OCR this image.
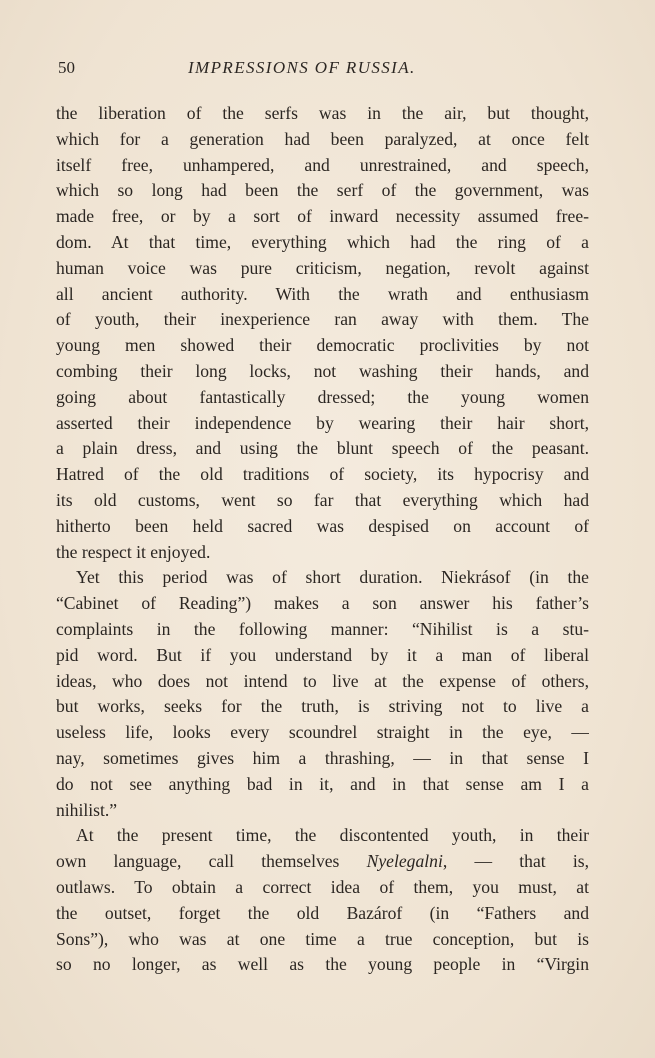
50	IMPRESSIONS OF RUSSIA.
the liberation of the serfs was in the air, but thought,
which for a generation had been paralyzed, at once felt
itself free, unhampered, and unrestrained, and speech,
which so long had been the serf of the government, was
made free, or by a sort of inward necessity assumed free-
dom. At that time, everything which had the ring of a
human voice was pure criticism, negation, revolt against
all ancient authority. With the wrath and enthusiasm
of youth, their inexperience ran away with them. The
young men showed their democratic proclivities by not
combing their long locks, not washing their hands, and
going about fantastically dressed; the young women
asserted their independence by wearing their hair short,
a plain dress, and using the blunt speech of the peasant.
Hatred of the old traditions of society, its hypocrisy and
its old customs, went so far that everything which had
hitherto been held sacred was despised on account of
the respect it enjoyed.
Yet this period was of short duration. Niekrásof (in the
“Cabinet of Reading”) makes a son answer his father’s
complaints in the following manner: “Nihilist is a stu-
pid word. But if you understand by it a man of liberal
ideas, who does not intend to live at the expense of others,
but works, seeks for the truth, is striving not to live a
useless life, looks every scoundrel straight in the eye, —
nay, sometimes gives him a thrashing, — in that sense I
do not see anything bad in it, and in that sense am I a
nihilist.”
At the present time, the discontented youth, in their
own language, call themselves Nyelegalni, — that is,
outlaws. To obtain a correct idea of them, you must, at
the outset, forget the old Bazárof (in “Fathers and
Sons”), who was at one time a true conception, but is
so no longer, as well as the young people in “Virgin
